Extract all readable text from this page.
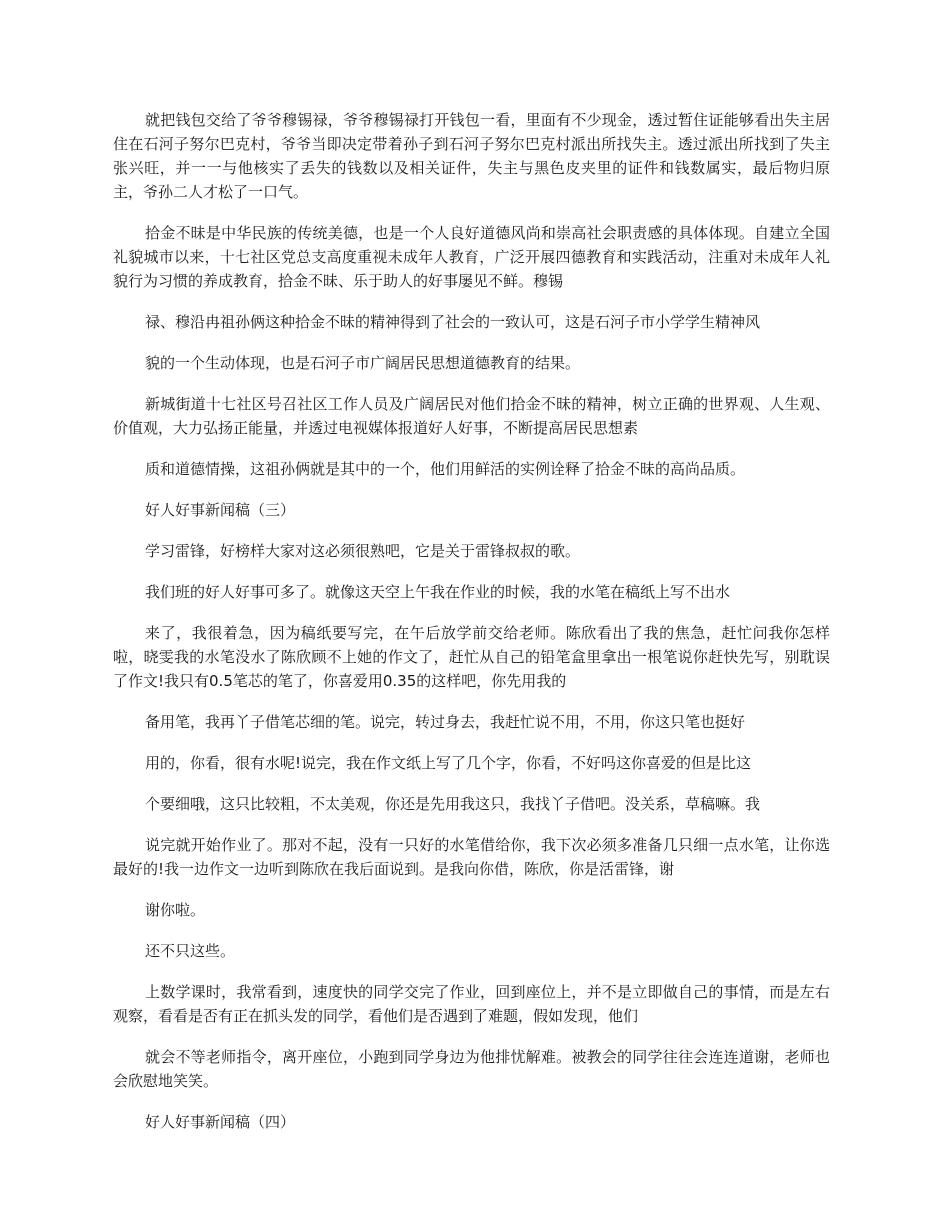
就把钱包交给了爷爷穆锡禄，爷爷穆锡禄打开钱包一看，里面有不少现金，透过暂住证能够看出失主居住在石河子努尔巴克村，爷爷当即决定带着孙子到石河子努尔巴克村派出所找失主。透过派出所找到了失主张兴旺，并一一与他核实了丢失的钱数以及相关证件，失主与黑色皮夹里的证件和钱数属实，最后物归原主，爷孙二人才松了一口气。

拾金不昧是中华民族的传统美德，也是一个人良好道德风尚和崇高社会职责感的具体体现。自建立全国礼貌城市以来，十七社区党总支高度重视未成年人教育，广泛开展四德教育和实践活动，注重对未成年人礼貌行为习惯的养成教育，拾金不昧、乐于助人的好事屡见不鲜。穆锡

禄、穆沿冉祖孙俩这种拾金不昧的精神得到了社会的一致认可，这是石河子市小学学生精神风

貌的一个生动体现，也是石河子市广阔居民思想道德教育的结果。

新城街道十七社区号召社区工作人员及广阔居民对他们拾金不昧的精神，树立正确的世界观、人生观、价值观，大力弘扬正能量，并透过电视媒体报道好人好事，不断提高居民思想素

质和道德情操，这祖孙俩就是其中的一个，他们用鲜活的实例诠释了拾金不昧的高尚品质。

好人好事新闻稿（三）

学习雷锋，好榜样大家对这必须很熟吧，它是关于雷锋叔叔的歌。

我们班的好人好事可多了。就像这天空上午我在作业的时候，我的水笔在稿纸上写不出水

来了，我很着急，因为稿纸要写完，在午后放学前交给老师。陈欣看出了我的焦急，赶忙问我你怎样啦，晓雯我的水笔没水了陈欣顾不上她的作文了，赶忙从自己的铅笔盒里拿出一根笔说你赶快先写，别耽误了作文!我只有0.5笔芯的笔了，你喜爱用0.35的这样吧，你先用我的

备用笔，我再丫子借笔芯细的笔。说完，转过身去，我赶忙说不用，不用，你这只笔也挺好

用的，你看，很有水呢!说完，我在作文纸上写了几个字，你看，不好吗这你喜爱的但是比这

个要细哦，这只比较粗，不太美观，你还是先用我这只，我找丫子借吧。没关系，草稿嘛。我

说完就开始作业了。那对不起，没有一只好的水笔借给你，我下次必须多准备几只细一点水笔，让你选最好的!我一边作文一边听到陈欣在我后面说到。是我向你借，陈欣，你是活雷锋，谢

谢你啦。

还不只这些。

上数学课时，我常看到，速度快的同学交完了作业，回到座位上，并不是立即做自己的事情，而是左右观察，看看是否有正在抓头发的同学，看他们是否遇到了难题，假如发现，他们

就会不等老师指令，离开座位，小跑到同学身边为他排忧解难。被教会的同学往往会连连道谢，老师也会欣慰地笑笑。

好人好事新闻稿（四）
